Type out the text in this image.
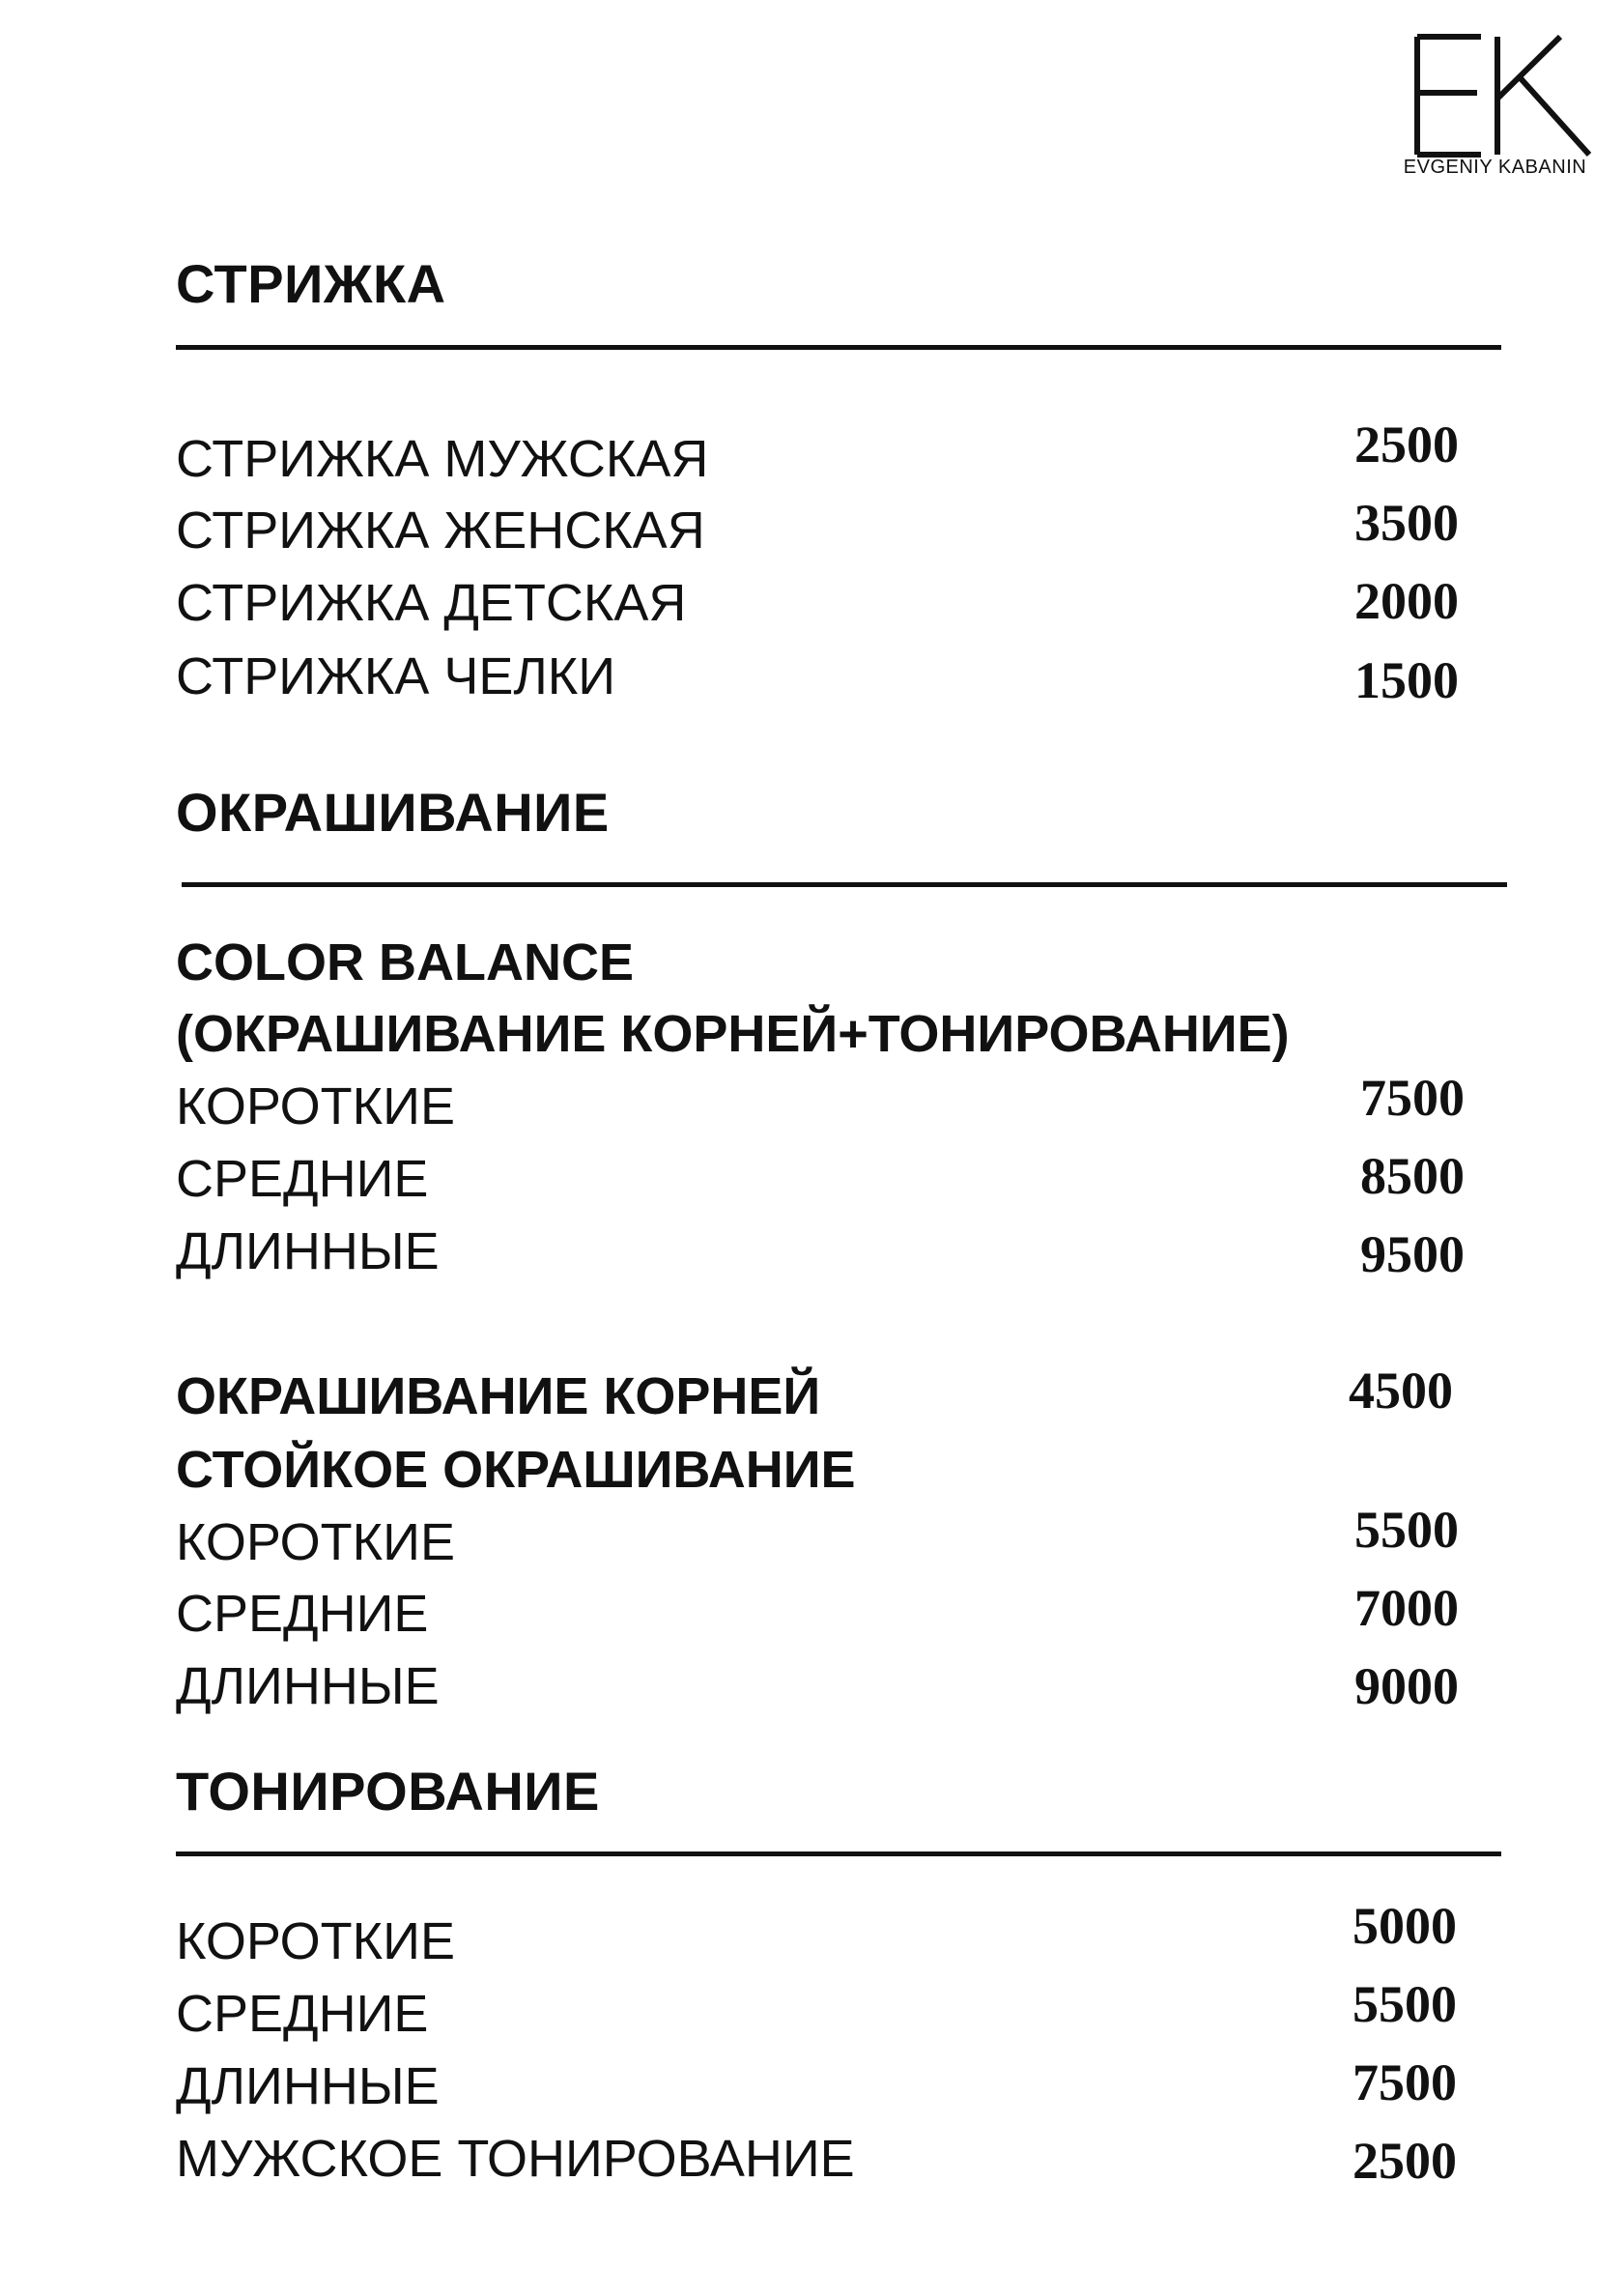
EVGENIY KABANIN
СТРИЖКА
СТРИЖКА МУЖСКАЯ	2500
СТРИЖКА ЖЕНСКАЯ	3500
СТРИЖКА ДЕТСКАЯ	2000
СТРИЖКА ЧЕЛКИ	1500
ОКРАШИВАНИЕ
COLOR BALANCE
(ОКРАШИВАНИЕ КОРНЕЙ+ТОНИРОВАНИЕ)
КОРОТКИЕ	7500
СРЕДНИЕ	8500
ДЛИННЫЕ	9500
ОКРАШИВАНИЕ КОРНЕЙ	4500
СТОЙКОЕ ОКРАШИВАНИЕ
КОРОТКИЕ	5500
СРЕДНИЕ	7000
ДЛИННЫЕ	9000
ТОНИРОВАНИЕ
КОРОТКИЕ	5000
СРЕДНИЕ	5500
ДЛИННЫЕ	7500
МУЖСКОЕ ТОНИРОВАНИЕ	2500
